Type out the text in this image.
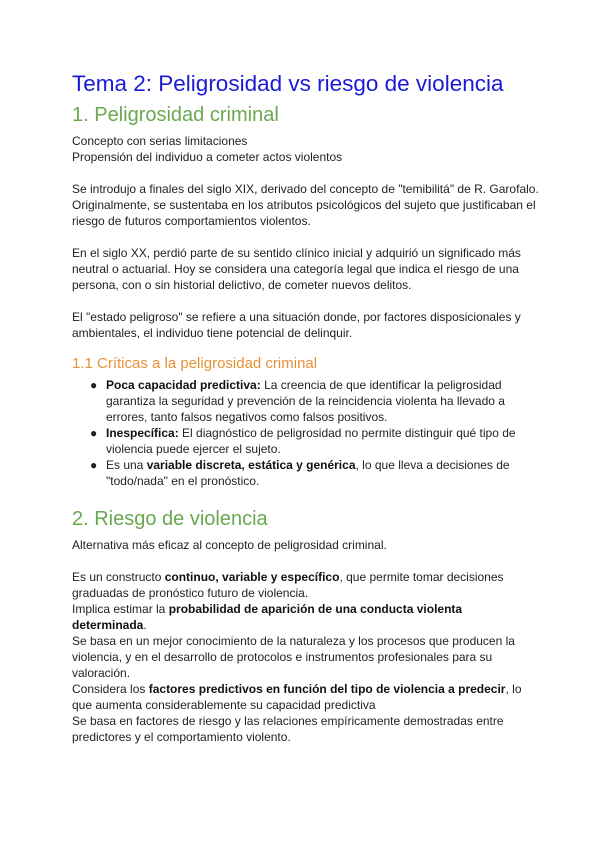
Tema 2: Peligrosidad vs riesgo de violencia
1. Peligrosidad criminal

Concepto con serias limitaciones

Propensión del individuo a cometer actos violentos

Se introdujo a finales del siglo XIX, derivado del concepto de "temibilitá" de R. Garofalo. Originalmente, se sustentaba en los atributos psicológicos del sujeto que justificaban el riesgo de futuros comportamientos violentos.

En el siglo XX, perdió parte de su sentido clínico inicial y adquirió un significado más neutral o actuarial. Hoy se considera una categoría legal que indica el riesgo de una persona, con o sin historial delictivo, de cometer nuevos delitos.

El "estado peligroso" se refiere a una situación donde, por factores disposicionales y ambientales, el individuo tiene potencial de delinquir.

1.1 Críticas a la peligrosidad criminal
● Poca capacidad predictiva: La creencia de que identificar la peligrosidad garantiza la seguridad y prevención de la reincidencia violenta ha llevado a errores, tanto falsos negativos como falsos positivos.
● Inespecífica: El diagnóstico de peligrosidad no permite distinguir qué tipo de violencia puede ejercer el sujeto.
● Es una variable discreta, estática y genérica, lo que lleva a decisiones de "todo/nada" en el pronóstico.
2. Riesgo de violencia

Alternativa más eficaz al concepto de peligrosidad criminal.

Es un constructo continuo, variable y específico, que permite tomar decisiones graduadas de pronóstico futuro de violencia.

Implica estimar la probabilidad de aparición de una conducta violenta determinada.

Se basa en un mejor conocimiento de la naturaleza y los procesos que producen la violencia, y en el desarrollo de protocolos e instrumentos profesionales para su valoración.

Considera los factores predictivos en función del tipo de violencia a predecir, lo que aumenta considerablemente su capacidad predictiva

Se basa en factores de riesgo y las relaciones empíricamente demostradas entre predictores y el comportamiento violento.
